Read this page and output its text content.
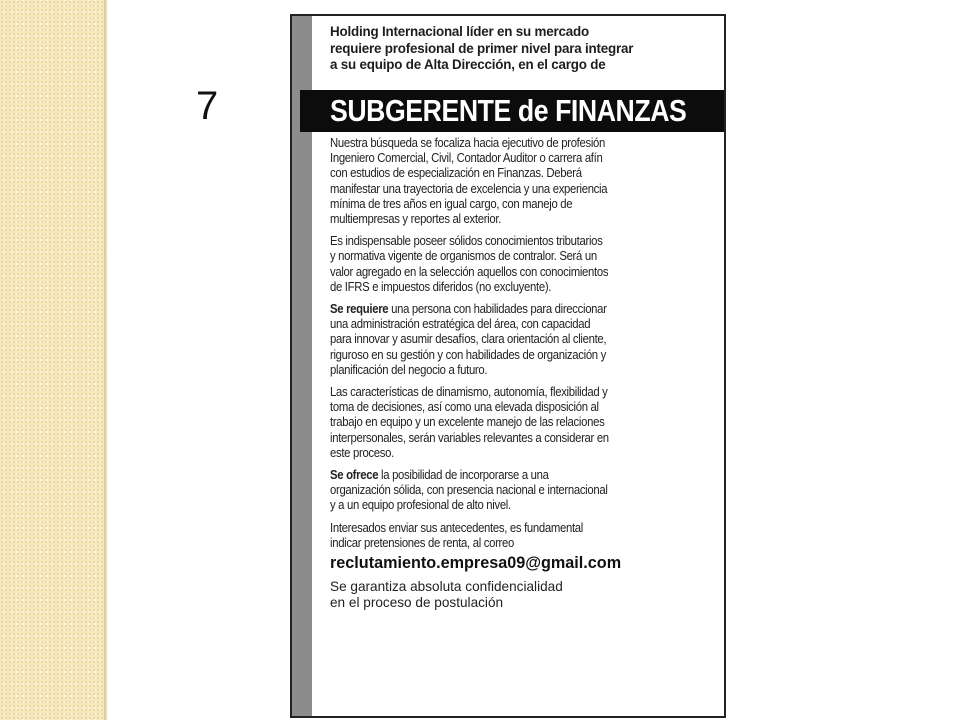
7
Holding Internacional líder en su mercado
requiere profesional de primer nivel para integrar
a su equipo de Alta Dirección, en el cargo de
SUBGERENTE de FINANZAS
Nuestra búsqueda se focaliza hacia ejecutivo de profesión
Ingeniero Comercial, Civil, Contador Auditor o carrera afín
con estudios de especialización en Finanzas. Deberá
manifestar una trayectoria de excelencia y una experiencia
mínima de tres años en igual cargo, con manejo de
multiempresas y reportes al exterior.
Es indispensable poseer sólidos conocimientos tributarios
y normativa vigente de organismos de contralor. Será un
valor agregado en la selección aquellos con conocimientos
de IFRS e impuestos diferidos (no excluyente).
Se requiere una persona con habilidades para direccionar
una administración estratégica del área, con capacidad
para innovar y asumir desafíos, clara orientación al cliente,
riguroso en su gestión y con habilidades de organización y
planificación del negocio a futuro.
Las características de dinamismo, autonomía, flexibilidad y
toma de decisiones, así como una elevada disposición al
trabajo en equipo y un excelente manejo de las relaciones
interpersonales, serán variables relevantes a considerar en
este proceso.
Se ofrece la posibilidad de incorporarse a una
organización sólida, con presencia nacional e internacional
y a un equipo profesional de alto nivel.
Interesados enviar sus antecedentes, es fundamental
indicar pretensiones de renta, al correo
reclutamiento.empresa09@gmail.com
Se garantiza absoluta confidencialidad
en el proceso de postulación
